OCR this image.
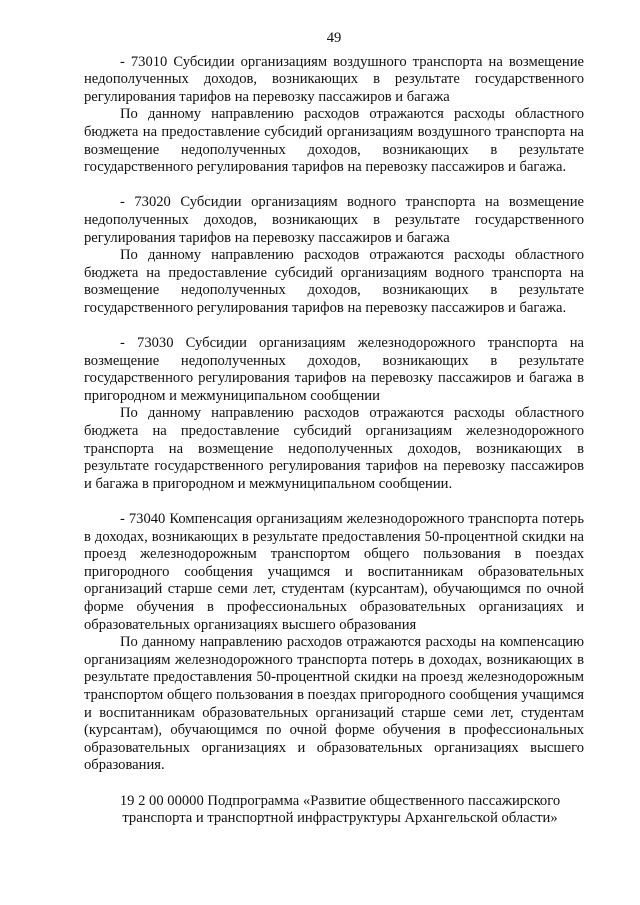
49

- 73010 Субсидии организациям воздушного транспорта на возмещение недополученных доходов, возникающих в результате государственного регулирования тарифов на перевозку пассажиров и багажа

По данному направлению расходов отражаются расходы областного бюджета на предоставление субсидий организациям воздушного транспорта на возмещение недополученных доходов, возникающих в результате государственного регулирования тарифов на перевозку пассажиров и багажа.

- 73020 Субсидии организациям водного транспорта на возмещение недополученных доходов, возникающих в результате государственного регулирования тарифов на перевозку пассажиров и багажа

По данному направлению расходов отражаются расходы областного бюджета на предоставление субсидий организациям водного транспорта на возмещение недополученных доходов, возникающих в результате государственного регулирования тарифов на перевозку пассажиров и багажа.

- 73030 Субсидии организациям железнодорожного транспорта на возмещение недополученных доходов, возникающих в результате государственного регулирования тарифов на перевозку пассажиров и багажа в пригородном и межмуниципальном сообщении

По данному направлению расходов отражаются расходы областного бюджета на предоставление субсидий организациям железнодорожного транспорта на возмещение недополученных доходов, возникающих в результате государственного регулирования тарифов на перевозку пассажиров и багажа в пригородном и межмуниципальном сообщении.

- 73040 Компенсация организациям железнодорожного транспорта потерь в доходах, возникающих в результате предоставления 50-процентной скидки на проезд железнодорожным транспортом общего пользования в поездах пригородного сообщения учащимся и воспитанникам образовательных организаций старше семи лет, студентам (курсантам), обучающимся по очной форме обучения в профессиональных образовательных организациях и образовательных организациях высшего образования

По данному направлению расходов отражаются расходы на компенсацию организациям железнодорожного транспорта потерь в доходах, возникающих в результате предоставления 50-процентной скидки на проезд железнодорожным транспортом общего пользования в поездах пригородного сообщения учащимся и воспитанникам образовательных организаций старше семи лет, студентам (курсантам), обучающимся по очной форме обучения в профессиональных образовательных организациях и образовательных организациях высшего образования.

19 2 00 00000 Подпрограмма «Развитие общественного пассажирского

транспорта и транспортной инфраструктуры Архангельской области»
